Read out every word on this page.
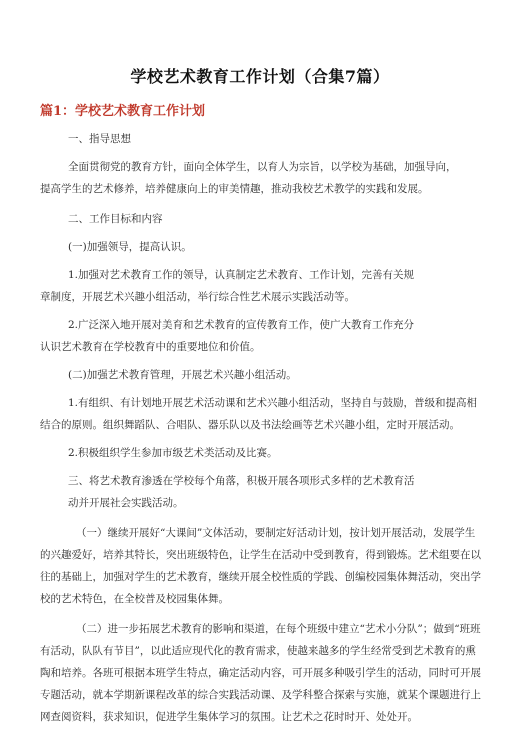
学校艺术教育工作计划（合集7篇）
篇1：学校艺术教育工作计划
一、指导思想
全面贯彻党的教育方针，面向全体学生，以育人为宗旨，以学校为基础，加强导向，
提高学生的艺术修养，培养健康向上的审美情趣，推动我校艺术教学的实践和发展。
二、工作目标和内容
(一)加强领导，提高认识。
1.加强对艺术教育工作的领导，认真制定艺术教育、工作计划，完善有关规
章制度，开展艺术兴趣小组活动，举行综合性艺术展示实践活动等。
2.广泛深入地开展对美育和艺术教育的宣传教育工作，使广大教育工作充分
认识艺术教育在学校教育中的重要地位和价值。
(二)加强艺术教育管理，开展艺术兴趣小组活动。
1.有组织、有计划地开展艺术活动课和艺术兴趣小组活动，坚持自与鼓励，普级和提高相
结合的原则。组织舞蹈队、合唱队、器乐队以及书法绘画等艺术兴趣小组，定时开展活动。
2.积极组织学生参加市级艺术类活动及比赛。
三、将艺术教育渗透在学校每个角落，积极开展各项形式多样的艺术教育活
动并开展社会实践活动。
（一）继续开展好“大课间”文体活动，要制定好活动计划，按计划开展活动，发展学生
的兴趣爱好，培养其特长，突出班级特色，让学生在活动中受到教育，得到锻炼。艺术组要在以
往的基础上，加强对学生的艺术教育，继续开展全校性质的学践、创编校园集体舞活动，突出学
校的艺术特色，在全校普及校园集体舞。
（二）进一步拓展艺术教育的影响和渠道，在每个班级中建立“艺术小分队”；做到“班班
有活动，队队有节目”，以此适应现代化的教育需求，使越来越多的学生经常受到艺术教育的熏
陶和培养。各班可根据本班学生特点，确定活动内容，可开展多种吸引学生的活动，同时可开展
专题活动，就本学期新课程改革的综合实践活动课、及学科整合探索与实施，就某个课题进行上
网查阅资料，获求知识，促进学生集体学习的氛围。让艺术之花时时开、处处开。
